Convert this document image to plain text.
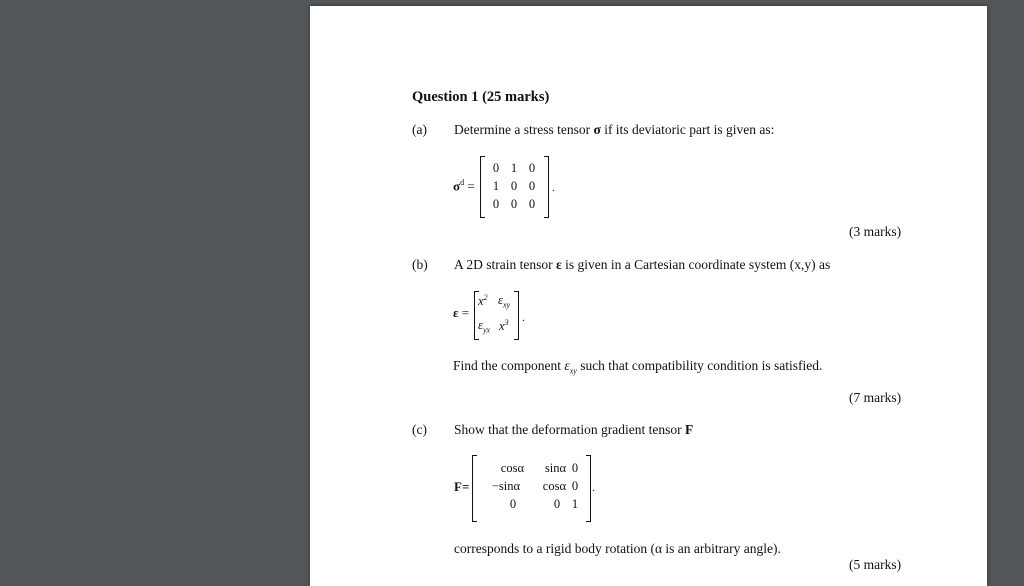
Question 1 (25 marks)
(a) Determine a stress tensor σ if its deviatoric part is given as:
$\sigma^d$ =
0 1 0
1 0 0
0 0 0
.
(3 marks)
(b) A 2D strain tensor ε is given in a Cartesian coordinate system (x,y) as
ε =
$x^2$ $\varepsilon_{xy}$
$\varepsilon_{yx}$ $x^3$ .
Find the component $\varepsilon_{xy}$ such that compatibility condition is satisfied.
(7 marks)
(c) Show that the deformation gradient tensor F
F=
cosα	sinα 0
−sinα	cosα 0
0	0 1
.
corresponds to a rigid body rotation (α is an arbitrary angle).
(5 marks)
